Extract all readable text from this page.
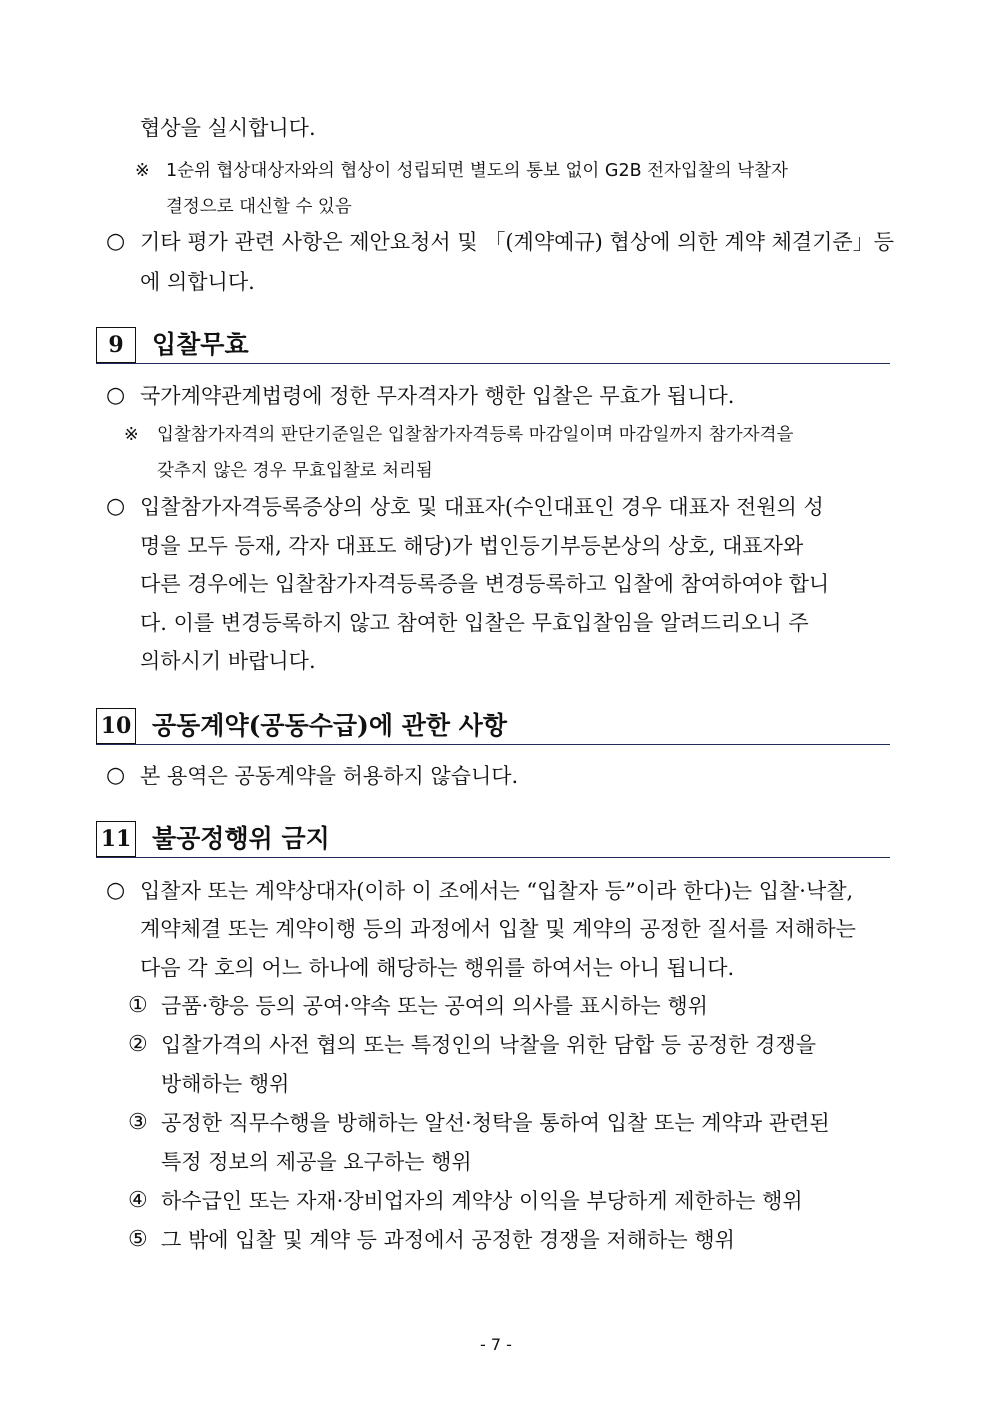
협상을 실시합니다.
※ 1순위 협상대상자와의 협상이 성립되면 별도의 통보 없이 G2B 전자입찰의 낙찰자
결정으로 대신할 수 있음
○ 기타 평가 관련 사항은 제안요청서 및 「(계약예규) 협상에 의한 계약 체결기준」등
에 의합니다.
9	입찰무효
○ 국가계약관계법령에 정한 무자격자가 행한 입찰은 무효가 됩니다.
※ 입찰참가자격의 판단기준일은 입찰참가자격등록 마감일이며 마감일까지 참가자격을
갖추지 않은 경우 무효입찰로 처리됨
○ 입찰참가자격등록증상의 상호 및 대표자(수인대표인 경우 대표자 전원의 성
명을 모두 등재, 각자 대표도 해당)가 법인등기부등본상의 상호, 대표자와
다른 경우에는 입찰참가자격등록증을 변경등록하고 입찰에 참여하여야 합니
다. 이를 변경등록하지 않고 참여한 입찰은 무효입찰임을 알려드리오니 주
의하시기 바랍니다.
10 공동계약(공동수급)에 관한 사항
○ 본 용역은 공동계약을 허용하지 않습니다.
11 불공정행위 금지
○ 입찰자 또는 계약상대자(이하 이 조에서는 “입찰자 등”이라 한다)는 입찰·낙찰,
계약체결 또는 계약이행 등의 과정에서 입찰 및 계약의 공정한 질서를 저해하는
다음 각 호의 어느 하나에 해당하는 행위를 하여서는 아니 됩니다.
① 금품·향응 등의 공여·약속 또는 공여의 의사를 표시하는 행위
② 입찰가격의 사전 협의 또는 특정인의 낙찰을 위한 담합 등 공정한 경쟁을
방해하는 행위
③ 공정한 직무수행을 방해하는 알선·청탁을 통하여 입찰 또는 계약과 관련된
특정 정보의 제공을 요구하는 행위
④ 하수급인 또는 자재·장비업자의 계약상 이익을 부당하게 제한하는 행위
⑤ 그 밖에 입찰 및 계약 등 과정에서 공정한 경쟁을 저해하는 행위
- 7 -
